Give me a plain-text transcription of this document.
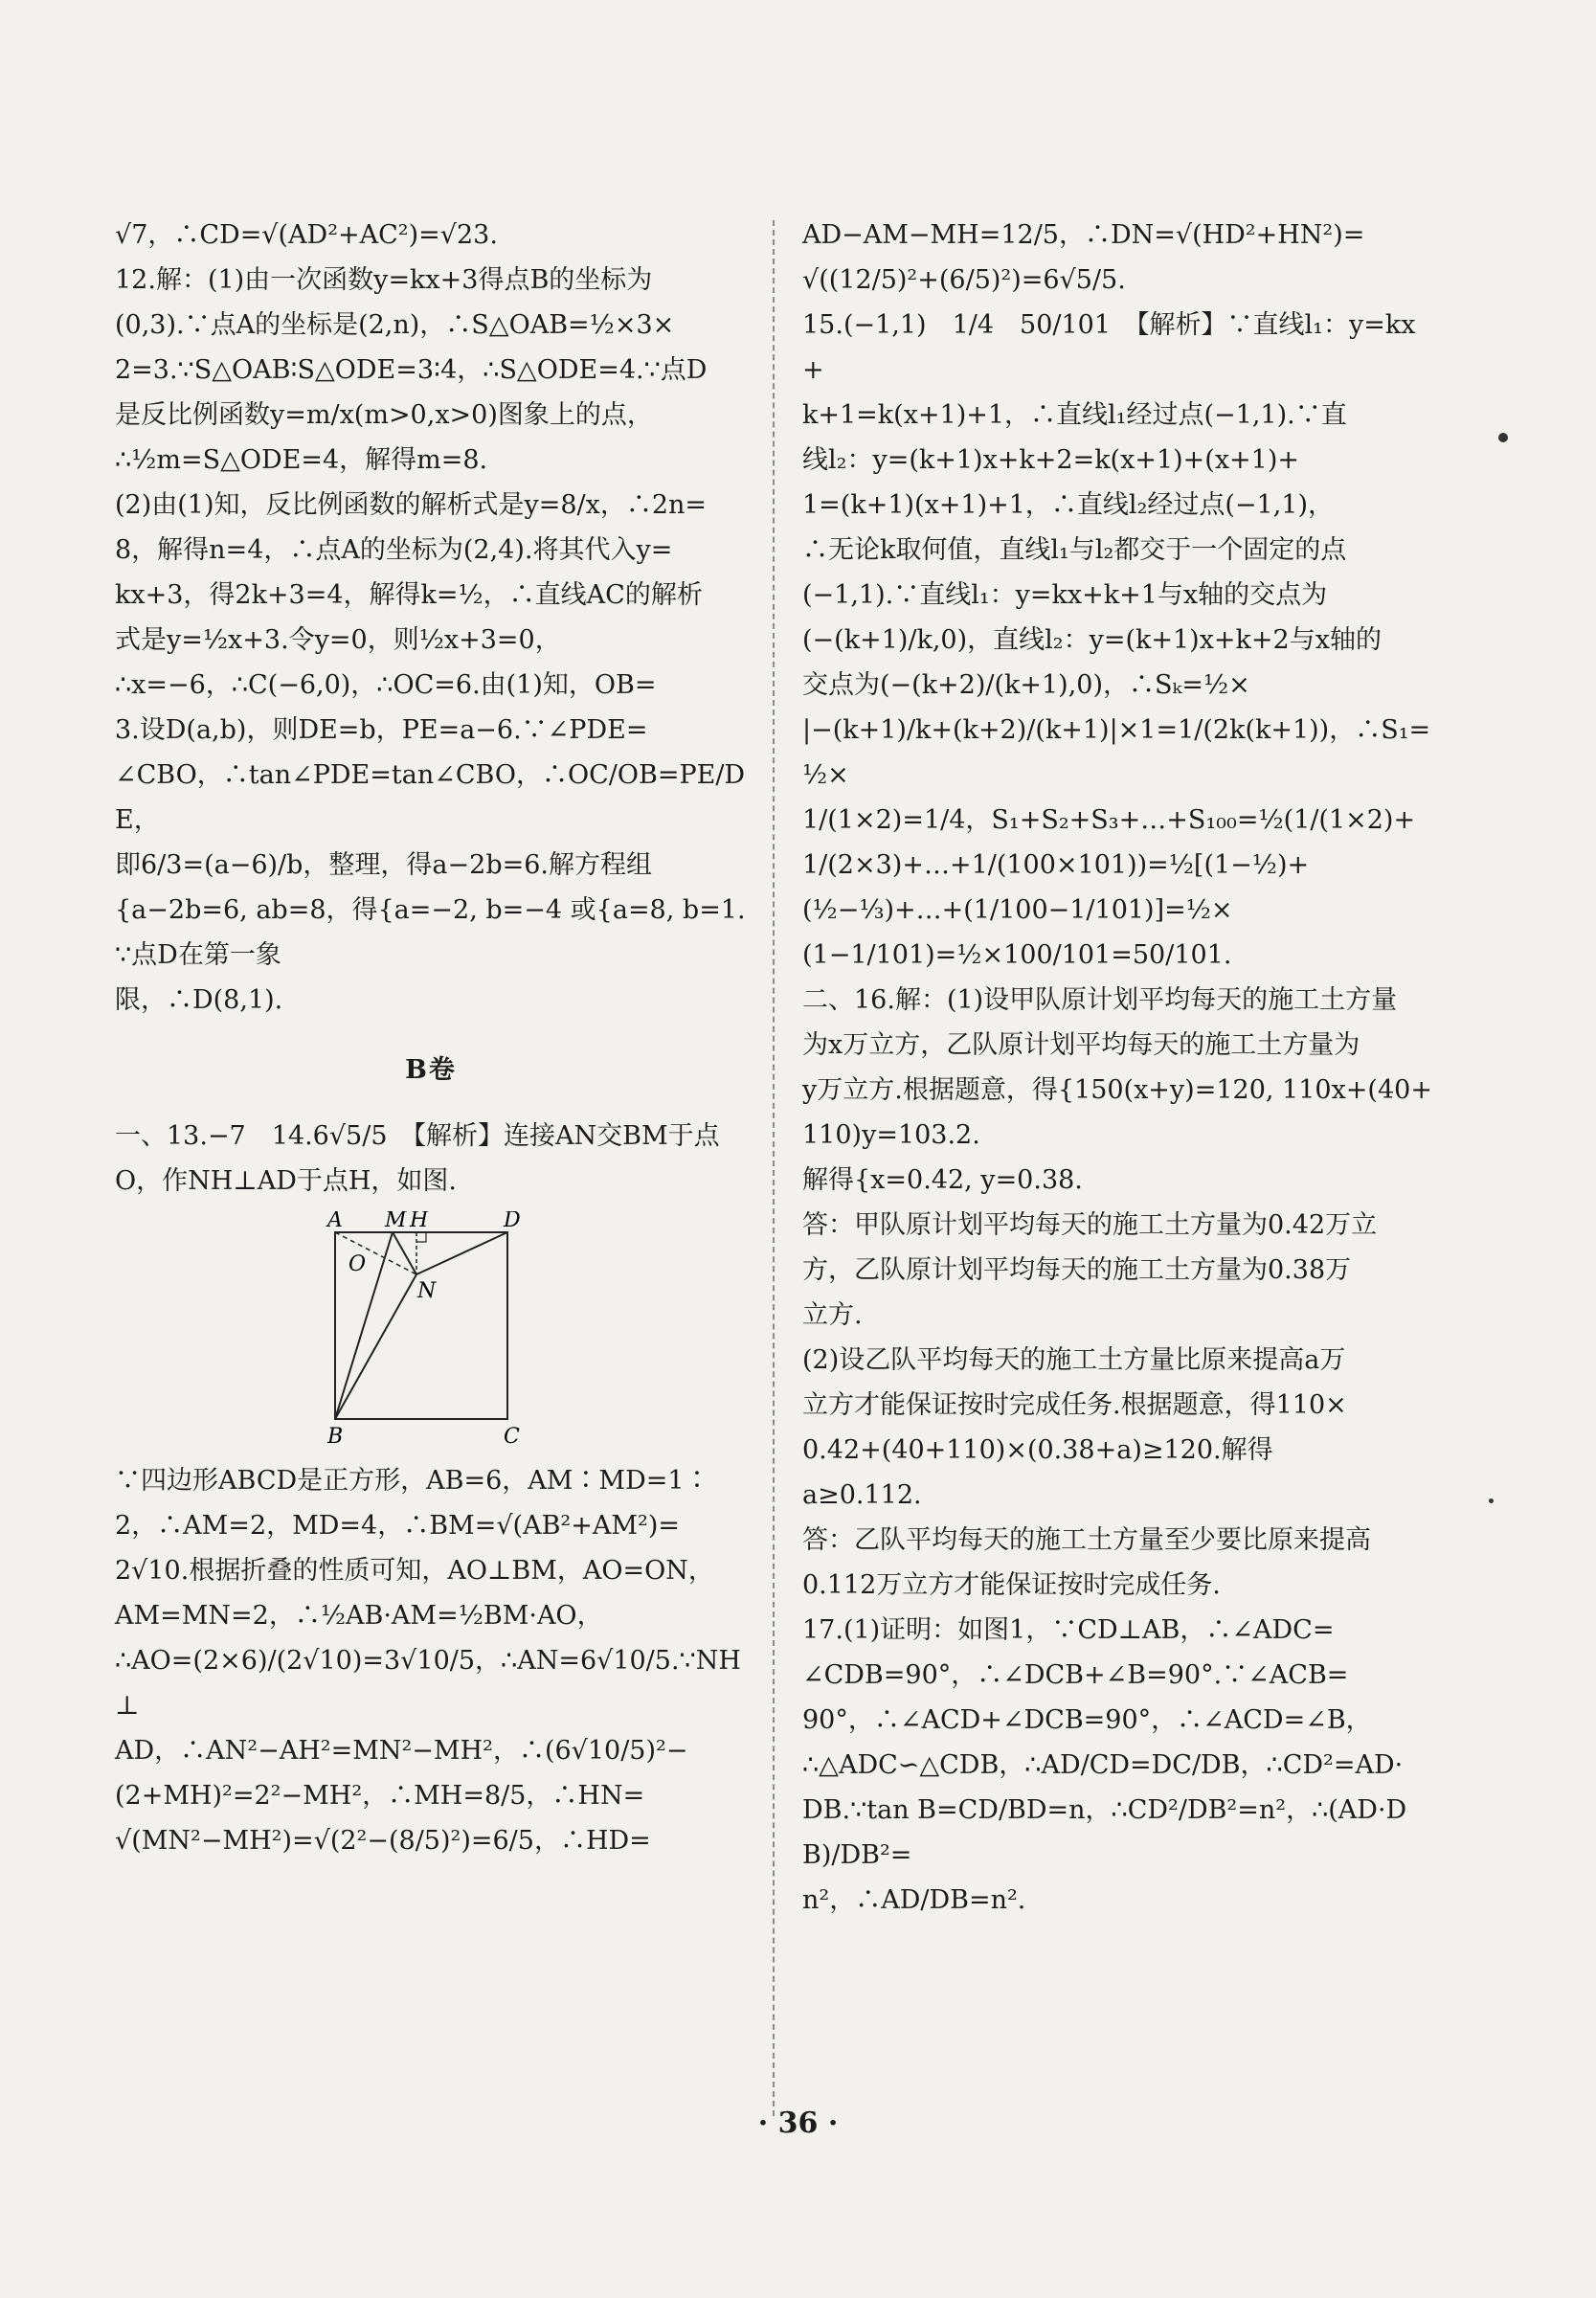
√7，∴CD=√(AD²+AC²)=√23.
12.解：(1)由一次函数y=kx+3得点B的坐标为
(0,3).∵点A的坐标是(2,n)，∴S△OAB=½×3×
2=3.∵S△OAB∶S△ODE=3∶4，∴S△ODE=4.∵点D
是反比例函数y=m/x(m>0,x>0)图象上的点，
∴½m=S△ODE=4，解得m=8.
(2)由(1)知，反比例函数的解析式是y=8/x，∴2n=
8，解得n=4，∴点A的坐标为(2,4).将其代入y=
kx+3，得2k+3=4，解得k=½，∴直线AC的解析
式是y=½x+3.令y=0，则½x+3=0，
∴x=−6，∴C(−6,0)，∴OC=6.由(1)知，OB=
3.设D(a,b)，则DE=b，PE=a−6.∵∠PDE=
∠CBO，∴tan∠PDE=tan∠CBO，∴OC/OB=PE/DE，
即6/3=(a−6)/b，整理，得a−2b=6.解方程组
{a−2b=6, ab=8，得{a=−2, b=−4 或{a=8, b=1.∵点D在第一象
限，∴D(8,1).
B卷
一、13.−7　14.6√5/5　【解析】连接AN交BM于点
O，作NH⊥AD于点H，如图.
A M H	D
O
N
B	C
∵四边形ABCD是正方形，AB=6，AM∶MD=1∶
2，∴AM=2，MD=4，∴BM=√(AB²+AM²)=
2√10.根据折叠的性质可知，AO⊥BM，AO=ON，
AM=MN=2，∴½AB·AM=½BM·AO，
∴AO=(2×6)/(2√10)=3√10/5，∴AN=6√10/5.∵NH⊥
AD，∴AN²−AH²=MN²−MH²，∴(6√10/5)²−
(2+MH)²=2²−MH²，∴MH=8/5，∴HN=
√(MN²−MH²)=√(2²−(8/5)²)=6/5，∴HD=
AD−AM−MH=12/5，∴DN=√(HD²+HN²)=
√((12/5)²+(6/5)²)=6√5/5.
15.(−1,1)　1/4　50/101　【解析】∵直线l₁：y=kx+
k+1=k(x+1)+1，∴直线l₁经过点(−1,1).∵直
线l₂：y=(k+1)x+k+2=k(x+1)+(x+1)+
1=(k+1)(x+1)+1，∴直线l₂经过点(−1,1)，
∴无论k取何值，直线l₁与l₂都交于一个固定的点
(−1,1).∵直线l₁：y=kx+k+1与x轴的交点为
(−(k+1)/k,0)，直线l₂：y=(k+1)x+k+2与x轴的
交点为(−(k+2)/(k+1),0)，∴Sₖ=½×
|−(k+1)/k+(k+2)/(k+1)|×1=1/(2k(k+1))，∴S₁=½×
1/(1×2)=1/4，S₁+S₂+S₃+…+S₁₀₀=½(1/(1×2)+
1/(2×3)+…+1/(100×101))=½[(1−½)+
(½−⅓)+…+(1/100−1/101)]=½×
(1−1/101)=½×100/101=50/101.
二、16.解：(1)设甲队原计划平均每天的施工土方量
为x万立方，乙队原计划平均每天的施工土方量为
y万立方.根据题意，得{150(x+y)=120, 110x+(40+110)y=103.2.
解得{x=0.42, y=0.38.
答：甲队原计划平均每天的施工土方量为0.42万立
方，乙队原计划平均每天的施工土方量为0.38万
立方.
(2)设乙队平均每天的施工土方量比原来提高a万
立方才能保证按时完成任务.根据题意，得110×
0.42+(40+110)×(0.38+a)≥120.解得
a≥0.112.
答：乙队平均每天的施工土方量至少要比原来提高
0.112万立方才能保证按时完成任务.
17.(1)证明：如图1，∵CD⊥AB，∴∠ADC=
∠CDB=90°，∴∠DCB+∠B=90°.∵∠ACB=
90°，∴∠ACD+∠DCB=90°，∴∠ACD=∠B，
∴△ADC∽△CDB，∴AD/CD=DC/DB，∴CD²=AD·
DB.∵tan B=CD/BD=n，∴CD²/DB²=n²，∴(AD·DB)/DB²=
n²，∴AD/DB=n².
· 36 ·
